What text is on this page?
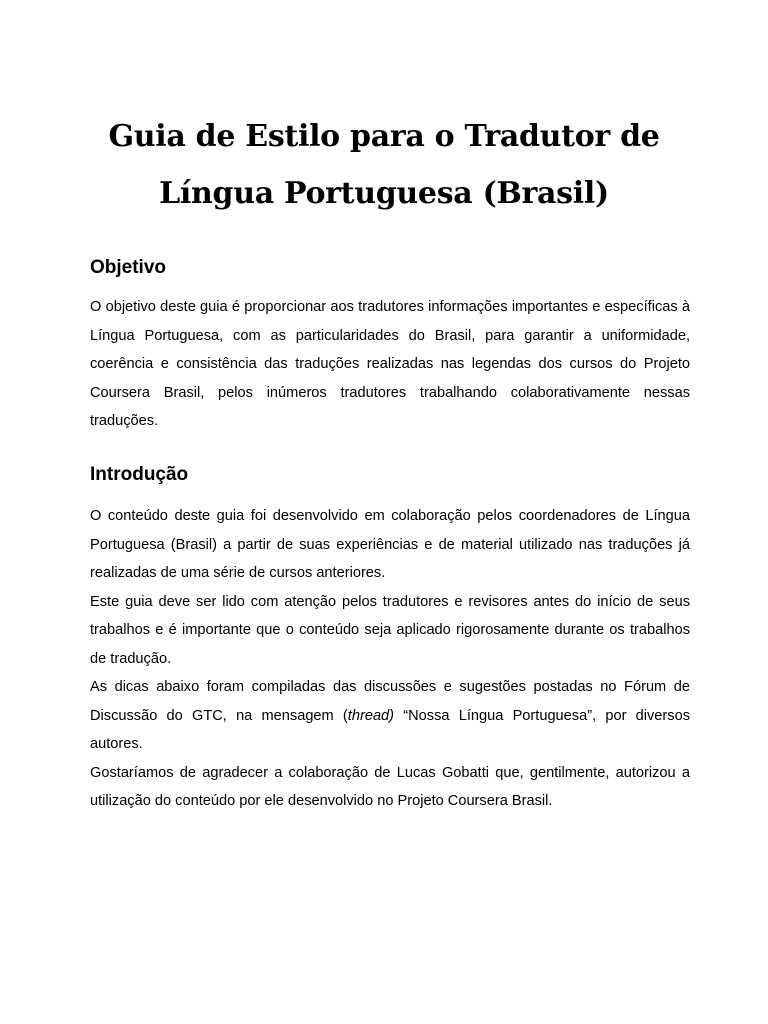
Guia de Estilo para o Tradutor de
Língua Portuguesa (Brasil)
Objetivo

O objetivo deste guia é proporcionar aos tradutores informações importantes e específicas à Língua Portuguesa, com as particularidades do Brasil, para garantir a uniformidade, coerência e consistência das traduções realizadas nas legendas dos cursos do Projeto Coursera Brasil, pelos inúmeros tradutores trabalhando colaborativamente nessas traduções.

Introdução

O conteúdo deste guia foi desenvolvido em colaboração pelos coordenadores de Língua Portuguesa (Brasil) a partir de suas experiências e de material utilizado nas traduções já realizadas de uma série de cursos anteriores.

Este guia deve ser lido com atenção pelos tradutores e revisores antes do início de seus trabalhos e é importante que o conteúdo seja aplicado rigorosamente durante os trabalhos de tradução.

As dicas abaixo foram compiladas das discussões e sugestões postadas no Fórum de Discussão do GTC, na mensagem (thread) “Nossa Língua Portuguesa”, por diversos autores.

Gostaríamos de agradecer a colaboração de Lucas Gobatti que, gentilmente, autorizou a utilização do conteúdo por ele desenvolvido no Projeto Coursera Brasil.
